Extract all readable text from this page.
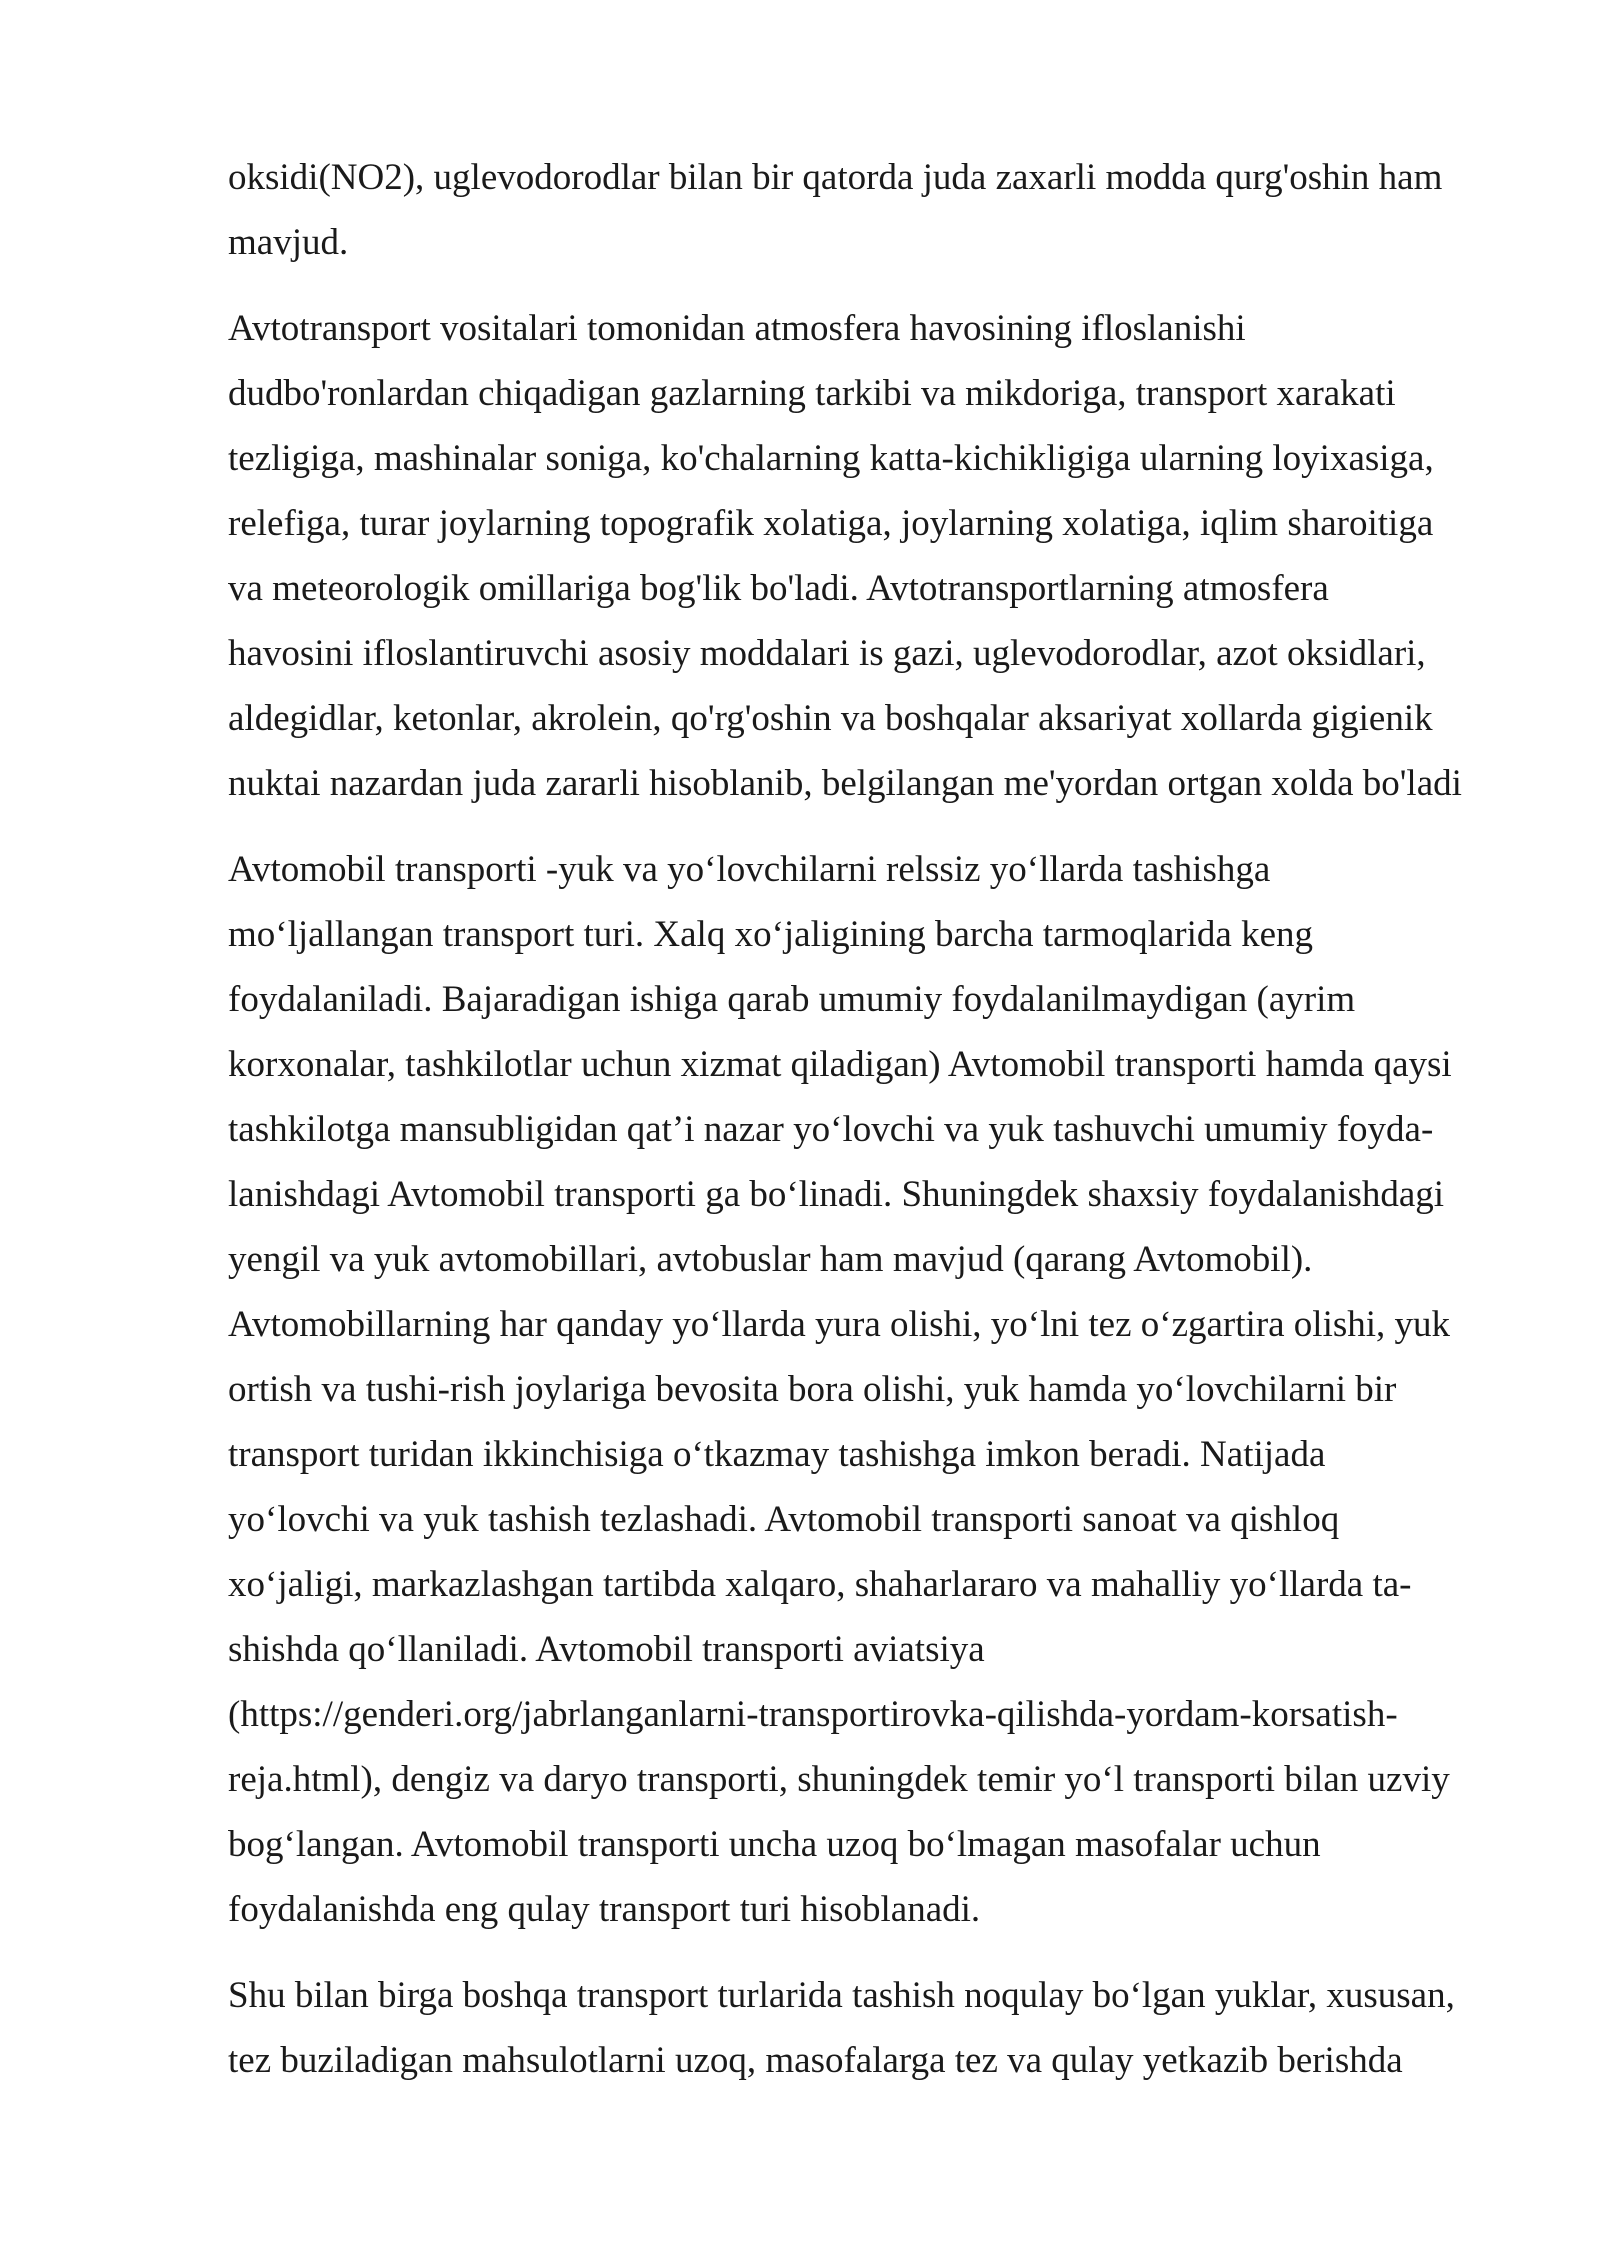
oksidi(NO2), uglevodorodlar bilan bir qatorda juda zaxarli modda qurg'oshin ham
mavjud.
Avtotransport vositalari tomonidan atmosfera havosining ifloslanishi
dudbo'ronlardan chiqadigan gazlarning tarkibi va mikdoriga, transport xarakati
tezligiga, mashinalar soniga, ko'chalarning katta-kichikligiga ularning loyixasiga,
relefiga, turar joylarning topografik xolatiga, joylarning xolatiga, iqlim sharoitiga
va meteorologik omillariga bog'lik bo'ladi. Avtotransportlarning atmosfera
havosini ifloslantiruvchi asosiy moddalari is gazi, uglevodorodlar, azot oksidlari,
aldegidlar, ketonlar, akrolein, qo'rg'oshin va boshqalar aksariyat xollarda gigienik
nuktai nazardan juda zararli hisoblanib, belgilangan me'yordan ortgan xolda bo'ladi
Avtomobil transporti -yuk va yo‘lovchilarni relssiz yo‘llarda tashishga
mo‘ljallangan transport turi. Xalq xo‘jaligining barcha tarmoqlarida keng
foydalaniladi. Bajaradigan ishiga qarab umumiy foydalanilmaydigan (ayrim
korxonalar, tashkilotlar uchun xizmat qiladigan) Avtomobil transporti hamda qaysi
tashkilotga mansubligidan qat’i nazar yo‘lovchi va yuk tashuvchi umumiy foyda-
lanishdagi Avtomobil transporti ga bo‘linadi. Shuningdek shaxsiy foydalanishdagi
yengil va yuk avtomobillari, avtobuslar ham mavjud (qarang Avtomobil).
Avtomobillarning har qanday yo‘llarda yura olishi, yo‘lni tez o‘zgartira olishi, yuk
ortish va tushi-rish joylariga bevosita bora olishi, yuk hamda yo‘lovchilarni bir
transport turidan ikkinchisiga o‘tkazmay tashishga imkon beradi. Natijada
yo‘lovchi va yuk tashish tezlashadi. Avtomobil transporti sanoat va qishloq
xo‘jaligi, markazlashgan tartibda xalqaro, shaharlararo va mahalliy yo‘llarda ta-
shishda qo‘llaniladi. Avtomobil transporti aviatsiya
(https://genderi.org/jabrlanganlarni-transportirovka-qilishda-yordam-korsatish-
reja.html), dengiz va daryo transporti, shuningdek temir yo‘l transporti bilan uzviy
bog‘langan. Avtomobil transporti uncha uzoq bo‘lmagan masofalar uchun
foydalanishda eng qulay transport turi hisoblanadi.
Shu bilan birga boshqa transport turlarida tashish noqulay bo‘lgan yuklar, xususan,
tez buziladigan mahsulotlarni uzoq, masofalarga tez va qulay yetkazib berishda
